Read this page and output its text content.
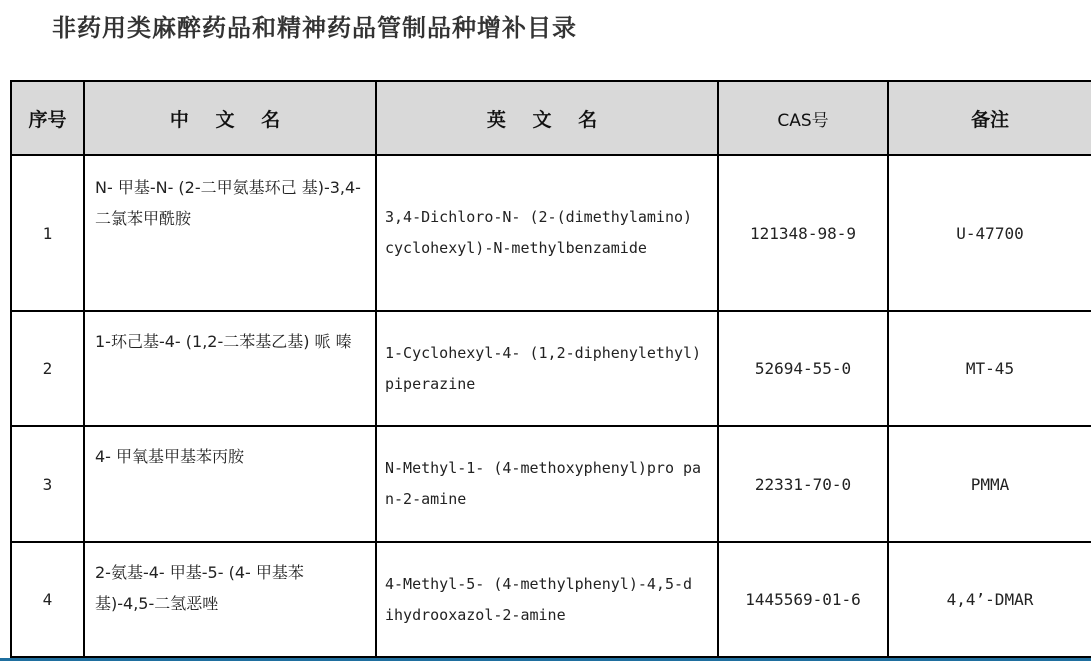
非药用类麻醉药品和精神药品管制品种增补目录
序号	中 文 名	英 文 名	CAS号	备注
1	N- 甲基-N- (2-二甲氨基环己 基)-3,4-二氯苯甲酰胺	3,4-Dichloro-N- (2-(dimethylamino) cyclohexyl)-N-methylbenzamide	121348-98-9	U-47700
2	1-环己基-4- (1,2-二苯基乙基) 哌 嗪	1-Cyclohexyl-4- (1,2-diphenylethyl) piperazine	52694-55-0	MT-45
3	4- 甲氧基甲基苯丙胺	N-Methyl-1- (4-methoxyphenyl)pro pan-2-amine	22331-70-0	PMMA
4	2-氨基-4- 甲基-5- (4- 甲基苯 基)-4,5-二氢恶唑	4-Methyl-5- (4-methylphenyl)-4,5-d ihydrooxazol-2-amine	1445569-01-6	4,4’-DMAR
